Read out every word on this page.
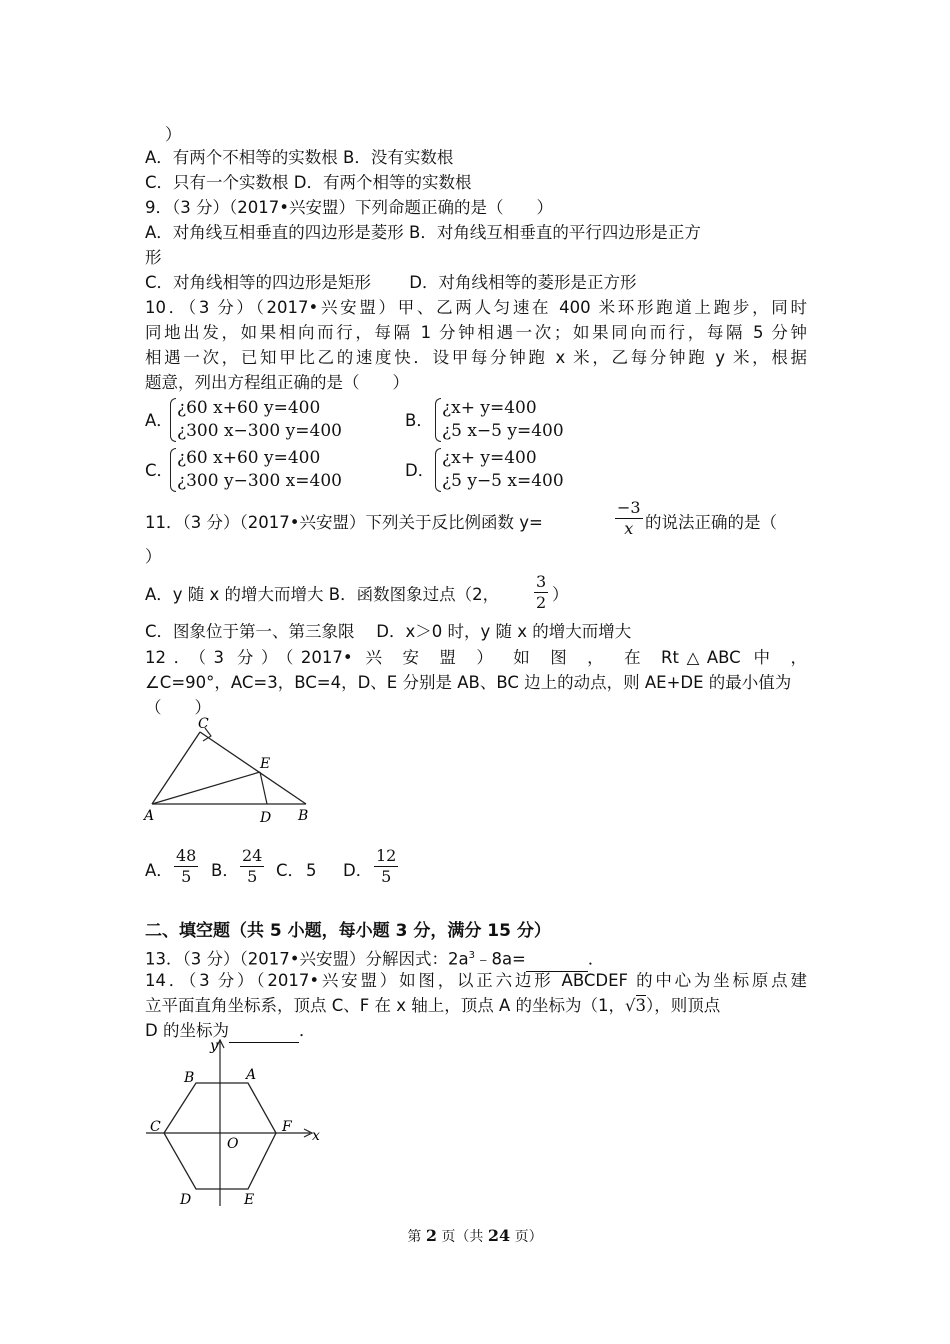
）
A．有两个不相等的实数根 B．没有实数根
C．只有一个实数根 D．有两个相等的实数根
9．（3 分）（2017•兴安盟）下列命题正确的是（　　）
A．对角线互相垂直的四边形是菱形 B．对角线互相垂直的平行四边形是正方
形
C．对角线相等的四边形是矩形　　 D．对角线相等的菱形是正方形
10．（3 分）（2017•兴安盟）甲、乙两人匀速在 400 米环形跑道上跑步，同时
同地出发，如果相向而行，每隔 1 分钟相遇一次；如果同向而行，每隔 5 分钟
相遇一次，已知甲比乙的速度快．设甲每分钟跑 x 米，乙每分钟跑 y 米，根据
题意，列出方程组正确的是（　　）
A．
¿60 x+60 y=400
¿300 x−300 y=400
B．
¿x+ y=400
¿5 x−5 y=400
C．
¿60 x+60 y=400
¿300 y−300 x=400
D．
¿x+ y=400
¿5 y−5 x=400
11．（3 分）（2017•兴安盟）下列关于反比例函数 y=	$\frac{-3}{x}$ 的说法正确的是（
）
A．y 随 x 的增大而增大 B．函数图象过点（2， $\frac{3}{2}$ ）
C．图象位于第一、第三象限　 D．x＞0 时，y 随 x 的增大而增大
12．（3 分）（2017• 兴 安 盟 ） 如 图 ， 在 Rt△ABC 中 ，
∠C=90°，AC=3，BC=4，D、E 分别是 AB、BC 边上的动点，则 AE+DE 的最小值为
（　　）
C
E
A	D B
A． $\frac{48}{5}$ B． $\frac{24}{5}$ C． 5 D． $\frac{12}{5}$
二、填空题（共 5 小题，每小题 3 分，满分 15 分）
13．（3 分）（2017•兴安盟）分解因式：$2a^3﹣8a=$	．
14．（3 分）（2017•兴安盟）如图，以正六边形 ABCDEF 的中心为坐标原点建
立平面直角坐标系，顶点 C、F 在 x 轴上，顶点 A 的坐标为（1，√3），则顶点
D 的坐标为	．
y
x
B	A
C	F
O
D	E
第 2 页（共 24 页）
